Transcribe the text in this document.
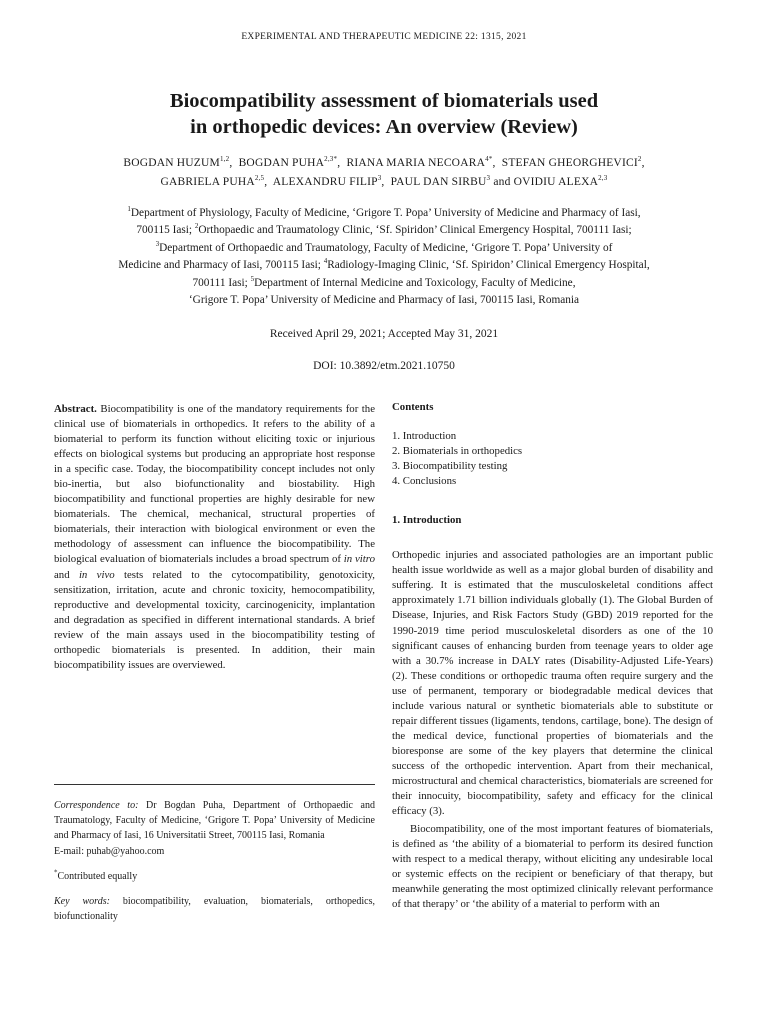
EXPERIMENTAL AND THERAPEUTIC MEDICINE 22: 1315, 2021
Biocompatibility assessment of biomaterials used
in orthopedic devices: An overview (Review)
BOGDAN HUZUM$^{1,2}$,  BOGDAN $PUHA^{2,3*}$,  RIANA MARIA $NECOARA^{4*}$,  STEFAN GHEORGHEVICI$^2$,
GABRIELA PUHA$^{2,5}$,  ALEXANDRU FILIP$^3$,  PAUL DAN SIRBU$^3$ and OVIDIU ALEXA$^{2,3}$
$^1$Department of Physiology, Faculty of Medicine, ‘Grigore T. Popa’ University of Medicine and Pharmacy of Iasi,
700115 Iasi; $^2$Orthopaedic and Traumatology Clinic, ‘Sf. Spiridon’ Clinical Emergency Hospital, 700111 Iasi;
$^3$Department of Orthopaedic and Traumatology, Faculty of Medicine, ‘Grigore T. Popa’ University of
Medicine and Pharmacy of Iasi, 700115 Iasi; $^4$Radiology-Imaging Clinic, ‘Sf. Spiridon’ Clinical Emergency Hospital,
700111 Iasi; $^5$Department of Internal Medicine and Toxicology, Faculty of Medicine,
‘Grigore T. Popa’ University of Medicine and Pharmacy of Iasi, 700115 Iasi, Romania
Received April 29, 2021; Accepted May 31, 2021
DOI: 10.3892/etm.2021.10750

Abstract. Biocompatibility is one of the mandatory requirements for the clinical use of biomaterials in orthopedics. It refers to the ability of a biomaterial to perform its function without eliciting toxic or injurious effects on biological systems but producing an appropriate host response in a specific case. Today, the biocompatibility concept includes not only bio-inertia, but also biofunctionality and biostability. High biocompatibility and functional properties are highly desirable for new biomaterials. The chemical, mechanical, structural properties of biomaterials, their interaction with biological environment or even the methodology of assessment can influence the biocompatibility. The biological evaluation of biomaterials includes a broad spectrum of in vitro and in vivo tests related to the cytocompatibility, genotoxicity, sensitization, irritation, acute and chronic toxicity, hemocompatibility, reproductive and developmental toxicity, carcinogenicity, implantation and degradation as specified in different international standards. A brief review of the main assays used in the biocompatibility testing of orthopedic biomaterials is presented. In addition, their main biocompatibility issues are overviewed.

Correspondence to: Dr Bogdan Puha, Department of Orthopaedic and Traumatology, Faculty of Medicine, ‘Grigore T. Popa’ University of Medicine and Pharmacy of Iasi, 16 Universitatii Street, 700115 Iasi, Romania

E-mail: puhab@yahoo.com

*Contributed equally

Key words: biocompatibility, evaluation, biomaterials, orthopedics, biofunctionality

Contents

1. Introduction
2. Biomaterials in orthopedics
3. Biocompatibility testing
4. Conclusions

1. Introduction

Orthopedic injuries and associated pathologies are an important public health issue worldwide as well as a major global burden of disability and suffering. It is estimated that the musculoskeletal conditions affect approximately 1.71 billion individuals globally (1). The Global Burden of Disease, Injuries, and Risk Factors Study (GBD) 2019 reported for the 1990-2019 time period musculoskeletal disorders as one of the 10 significant causes of enhancing burden from teenage years to older age with a 30.7% increase in DALY rates (Disability-Adjusted Life-Years) (2). These conditions or orthopedic trauma often require surgery and the use of permanent, temporary or biodegradable medical devices that include various natural or synthetic biomaterials able to substitute or repair different tissues (ligaments, tendons, cartilage, bone). The design of the medical device, functional properties of biomaterials and the bioresponse are some of the key players that determine the clinical success of the orthopedic intervention. Apart from their mechanical, microstructural and chemical characteristics, biomaterials are screened for their innocuity, biocompatibility, safety and efficacy for the clinical efficacy (3).

Biocompatibility, one of the most important features of biomaterials, is defined as ‘the ability of a biomaterial to perform its desired function with respect to a medical therapy, without eliciting any undesirable local or systemic effects on the recipient or beneficiary of that therapy, but meanwhile generating the most optimized clinically relevant performance of that therapy’ or ‘the ability of a material to perform with an
